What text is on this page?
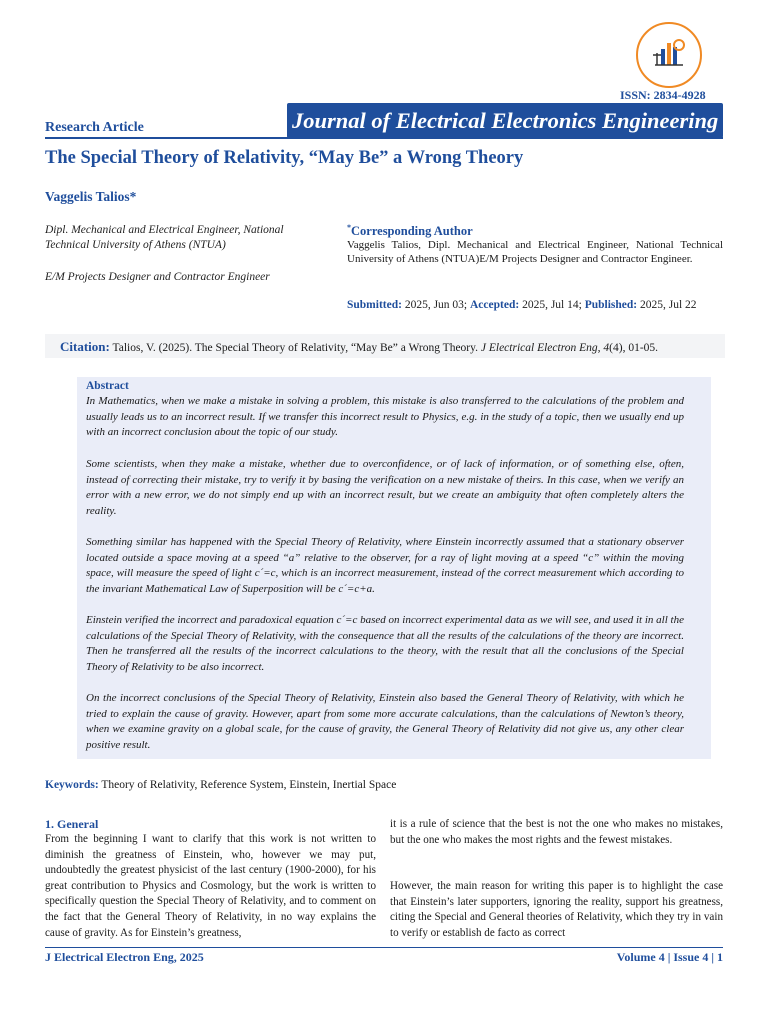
ISSN: 2834-4928
Journal of Electrical Electronics Engineering
Research Article
The Special Theory of Relativity, “May Be” a Wrong Theory
Vaggelis Talios*
Dipl. Mechanical and Electrical Engineer, National Technical University of Athens (NTUA)
E/M Projects Designer and Contractor Engineer
*Corresponding Author
Vaggelis Talios, Dipl. Mechanical and Electrical Engineer, National Technical University of Athens (NTUA)E/M Projects Designer and Contractor Engineer.
Submitted: 2025, Jun 03; Accepted: 2025, Jul 14; Published: 2025, Jul 22
Citation: Talios, V. (2025). The Special Theory of Relativity, “May Be” a Wrong Theory. J Electrical Electron Eng, 4(4), 01-05.
Abstract
In Mathematics, when we make a mistake in solving a problem, this mistake is also transferred to the calculations of the problem and usually leads us to an incorrect result. If we transfer this incorrect result to Physics, e.g. in the study of a topic, then we usually end up with an incorrect conclusion about the topic of our study.
Some scientists, when they make a mistake, whether due to overconfidence, or of lack of information, or of something else, often, instead of correcting their mistake, try to verify it by basing the verification on a new mistake of theirs. In this case, when we verify an error with a new error, we do not simply end up with an incorrect result, but we create an ambiguity that often completely alters the reality.
Something similar has happened with the Special Theory of Relativity, where Einstein incorrectly assumed that a stationary observer located outside a space moving at a speed “a” relative to the observer, for a ray of light moving at a speed “c” within the moving space, will measure the speed of light c´=c, which is an incorrect measurement, instead of the correct measurement which according to the invariant Mathematical Law of Superposition will be c´=c+a.
Einstein verified the incorrect and paradoxical equation c´=c based on incorrect experimental data as we will see, and used it in all the calculations of the Special Theory of Relativity, with the consequence that all the results of the calculations of the theory are incorrect. Then he transferred all the results of the incorrect calculations to the theory, with the result that all the conclusions of the Special Theory of Relativity to be also incorrect.
On the incorrect conclusions of the Special Theory of Relativity, Einstein also based the General Theory of Relativity, with which he tried to explain the cause of gravity. However, apart from some more accurate calculations, than the calculations of Newton’s theory, when we examine gravity on a global scale, for the cause of gravity, the General Theory of Relativity did not give us, any other clear positive result.
Keywords: Theory of Relativity, Reference System, Einstein, Inertial Space
1. General
From the beginning I want to clarify that this work is not written to diminish the greatness of Einstein, who, however we may put, undoubtedly the greatest physicist of the last century (1900-2000), for his great contribution to Physics and Cosmology, but the work is written to specifically question the Special Theory of Relativity, and to comment on the fact that the General Theory of Relativity, in no way explains the cause of gravity. As for Einstein’s greatness,
it is a rule of science that the best is not the one who makes no mistakes, but the one who makes the most rights and the fewest mistakes.
However, the main reason for writing this paper is to highlight the case that Einstein’s later supporters, ignoring the reality, support his greatness, citing the Special and General theories of Relativity, which they try in vain to verify or establish de facto as correct
J Electrical Electron Eng, 2025	Volume 4 | Issue 4 | 1
